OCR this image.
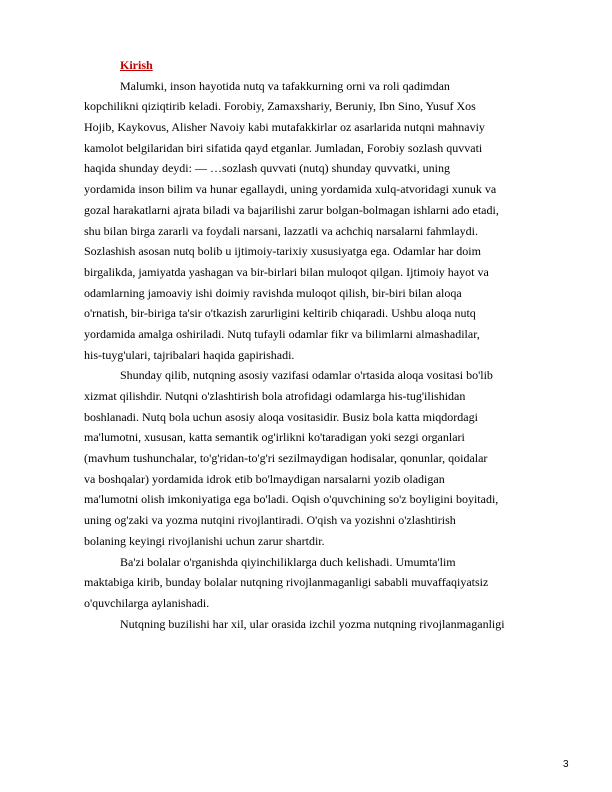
Kirish
Malumki, inson hayotida nutq va tafakkurning orni va roli qadimdan
kopchilikni qiziqtirib keladi. Forobiy, Zamaxshariy, Beruniy, Ibn Sino, Yusuf Xos
Hojib, Kaykovus, Alisher Navoiy kabi mutafakkirlar oz asarlarida nutqni mahnaviy
kamolot belgilaridan biri sifatida qayd etganlar. Jumladan, Forobiy sozlash quvvati
haqida shunday deydi: ― …sozlash quvvati (nutq) shunday quvvatki, uning
yordamida inson bilim va hunar egallaydi, uning yordamida xulq-atvoridagi xunuk va
gozal harakatlarni ajrata biladi va bajarilishi zarur bolgan-bolmagan ishlarni ado etadi,
shu bilan birga zararli va foydali narsani, lazzatli va achchiq narsalarni fahmlaydi.
Sozlashish asosan nutq bolib u ijtimoiy-tarixiy xususiyatga ega. Odamlar har doim
birgalikda, jamiyatda yashagan va bir-birlari bilan muloqot qilgan. Ijtimoiy hayot va
odamlarning jamoaviy ishi doimiy ravishda muloqot qilish, bir-biri bilan aloqa
o'rnatish, bir-biriga ta'sir o'tkazish zarurligini keltirib chiqaradi. Ushbu aloqa nutq
yordamida amalga oshiriladi. Nutq tufayli odamlar fikr va bilimlarni almashadilar,
his-tuyg'ulari, tajribalari haqida gapirishadi.
Shunday qilib, nutqning asosiy vazifasi odamlar o'rtasida aloqa vositasi bo'lib
xizmat qilishdir. Nutqni o'zlashtirish bola atrofidagi odamlarga his-tug'ilishidan
boshlanadi. Nutq bola uchun asosiy aloqa vositasidir. Busiz bola katta miqdordagi
ma'lumotni, xususan, katta semantik og'irlikni ko'taradigan yoki sezgi organlari
(mavhum tushunchalar, to'g'ridan-to'g'ri sezilmaydigan hodisalar, qonunlar, qoidalar
va boshqalar) yordamida idrok etib bo'lmaydigan narsalarni yozib oladigan
ma'lumotni olish imkoniyatiga ega bo'ladi. Oqish o'quvchining so'z boyligini boyitadi,
uning og'zaki va yozma nutqini rivojlantiradi. O'qish va yozishni o'zlashtirish
bolaning keyingi rivojlanishi uchun zarur shartdir.
Ba'zi bolalar o'rganishda qiyinchiliklarga duch kelishadi. Umumta'lim
maktabiga kirib, bunday bolalar nutqning rivojlanmaganligi sababli muvaffaqiyatsiz
o'quvchilarga aylanishadi.
Nutqning buzilishi har xil, ular orasida izchil yozma nutqning rivojlanmaganligi
3
